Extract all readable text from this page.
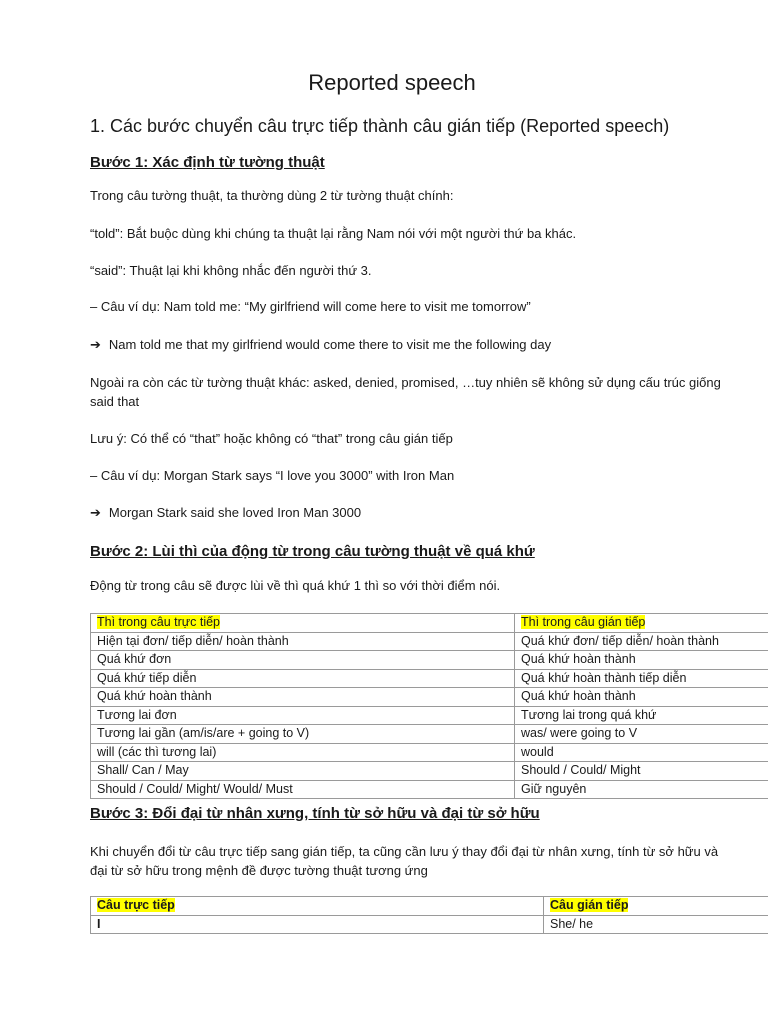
Reported speech
1. Các bước chuyển câu trực tiếp thành câu gián tiếp (Reported speech)
Bước 1: Xác định từ tường thuật
Trong câu tường thuật, ta thường dùng 2 từ tường thuật chính:
“told”: Bắt buộc dùng khi chúng ta thuật lại rằng Nam nói với một người thứ ba khác.
“said”: Thuật lại khi không nhắc đến người thứ 3.
– Câu ví dụ: Nam told me: “My girlfriend will come here to visit me tomorrow”
➔ Nam told me that my girlfriend would come there to visit me the following day
Ngoài ra còn các từ tường thuật khác: asked, denied, promised, …tuy nhiên sẽ không sử dụng cấu trúc giống said that
Lưu ý: Có thể có “that” hoặc không có “that” trong câu gián tiếp
– Câu ví dụ: Morgan Stark says “I love you 3000” with Iron Man
➔ Morgan Stark said she loved Iron Man 3000
Bước 2: Lùi thì của động từ trong câu tường thuật về quá khứ
Động từ trong câu sẽ được lùi về thì quá khứ 1 thì so với thời điểm nói.
Thì trong câu trực tiếp	Thì trong câu gián tiếp
Hiện tại đơn/ tiếp diễn/ hoàn thành	Quá khứ đơn/ tiếp diễn/ hoàn thành
Quá khứ đơn	Quá khứ hoàn thành
Quá khứ tiếp diễn	Quá khứ hoàn thành tiếp diễn
Quá khứ hoàn thành	Quá khứ hoàn thành
Tương lai đơn	Tương lai trong quá khứ
Tương lai gần (am/is/are + going to V)	was/ were going to V
will (các thì tương lai)	would
Shall/ Can / May	Should / Could/ Might
Should / Could/ Might/ Would/ Must	Giữ nguyên
Bước 3: Đổi đại từ nhân xưng, tính từ sở hữu và đại từ sở hữu
Khi chuyển đổi từ câu trực tiếp sang gián tiếp, ta cũng cần lưu ý thay đổi đại từ nhân xưng, tính từ sở hữu và đại từ sở hữu trong mệnh đề được tường thuật tương ứng
Câu trực tiếp	Câu gián tiếp
I	She/ he
